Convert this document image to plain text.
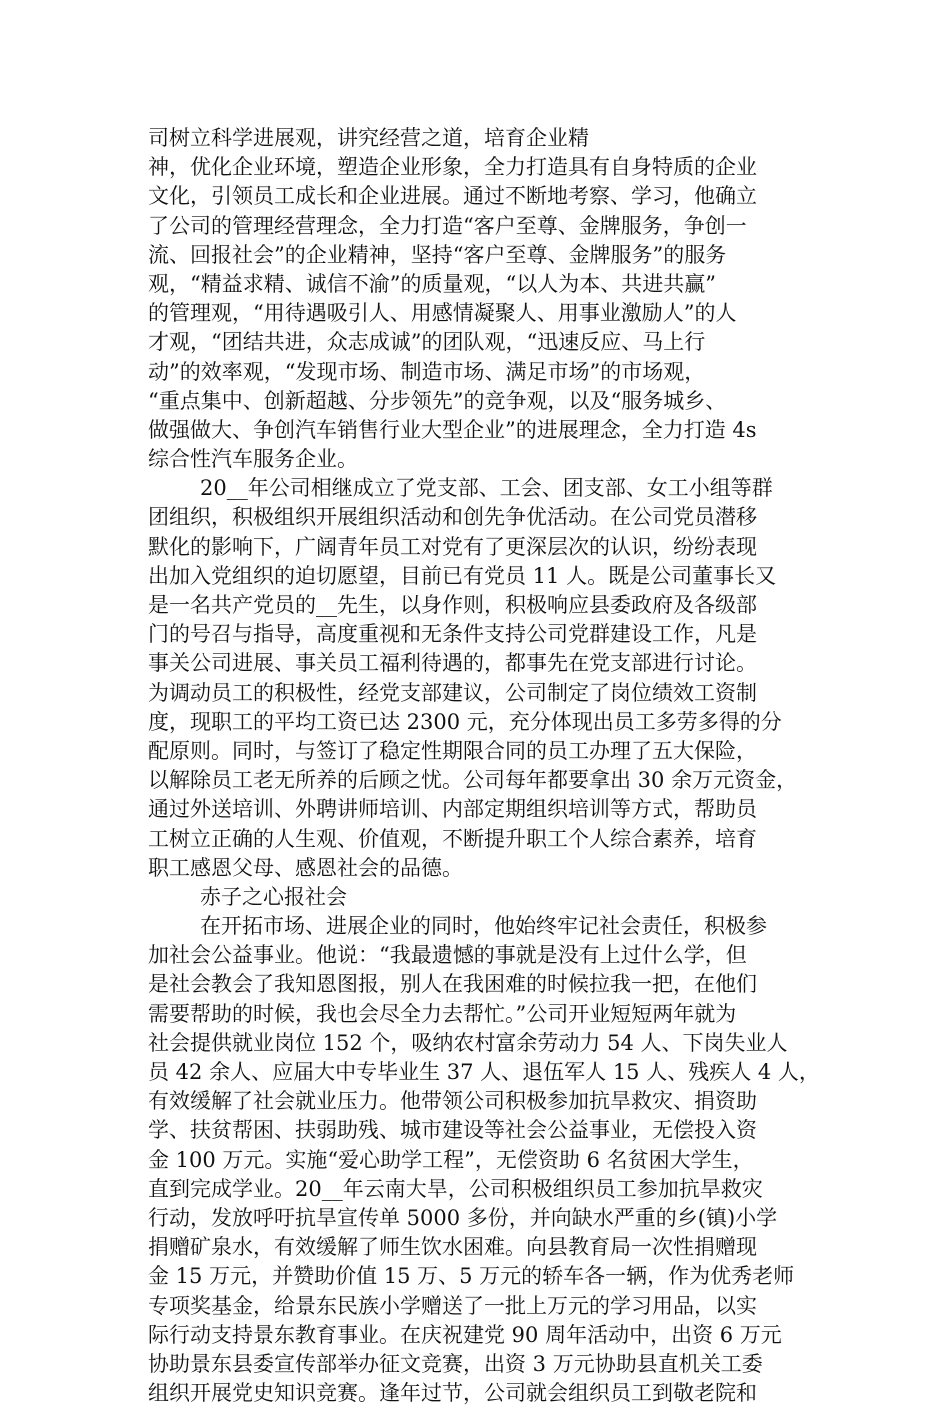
司树立科学进展观，讲究经营之道，培育企业精
神，优化企业环境，塑造企业形象，全力打造具有自身特质的企业
文化，引领员工成长和企业进展。通过不断地考察、学习，他确立
了公司的管理经营理念，全力打造“客户至尊、金牌服务，争创一
流、回报社会”的企业精神，坚持“客户至尊、金牌服务”的服务
观，“精益求精、诚信不渝”的质量观，“以人为本、共进共赢”
的管理观，“用待遇吸引人、用感情凝聚人、用事业激励人”的人
才观，“团结共进，众志成诚”的团队观，“迅速反应、马上行
动”的效率观，“发现市场、制造市场、满足市场”的市场观，
“重点集中、创新超越、分步领先”的竞争观，以及“服务城乡、
做强做大、争创汽车销售行业大型企业”的进展理念，全力打造 4s
综合性汽车服务企业。
20__年公司相继成立了党支部、工会、团支部、女工小组等群
团组织，积极组织开展组织活动和创先争优活动。在公司党员潜移
默化的影响下，广阔青年员工对党有了更深层次的认识，纷纷表现
出加入党组织的迫切愿望，目前已有党员 11 人。既是公司董事长又
是一名共产党员的__先生，以身作则，积极响应县委政府及各级部
门的号召与指导，高度重视和无条件支持公司党群建设工作，凡是
事关公司进展、事关员工福利待遇的，都事先在党支部进行讨论。
为调动员工的积极性，经党支部建议，公司制定了岗位绩效工资制
度，现职工的平均工资已达 2300 元，充分体现出员工多劳多得的分
配原则。同时，与签订了稳定性期限合同的员工办理了五大保险，
以解除员工老无所养的后顾之忧。公司每年都要拿出 30 余万元资金，
通过外送培训、外聘讲师培训、内部定期组织培训等方式，帮助员
工树立正确的人生观、价值观，不断提升职工个人综合素养，培育
职工感恩父母、感恩社会的品德。
赤子之心报社会
在开拓市场、进展企业的同时，他始终牢记社会责任，积极参
加社会公益事业。他说：“我最遗憾的事就是没有上过什么学，但
是社会教会了我知恩图报，别人在我困难的时候拉我一把，在他们
需要帮助的时候，我也会尽全力去帮忙。”公司开业短短两年就为
社会提供就业岗位 152 个，吸纳农村富余劳动力 54 人、下岗失业人
员 42 余人、应届大中专毕业生 37 人、退伍军人 15 人、残疾人 4 人，
有效缓解了社会就业压力。他带领公司积极参加抗旱救灾、捐资助
学、扶贫帮困、扶弱助残、城市建设等社会公益事业，无偿投入资
金 100 万元。实施“爱心助学工程”，无偿资助 6 名贫困大学生，
直到完成学业。20__年云南大旱，公司积极组织员工参加抗旱救灾
行动，发放呼吁抗旱宣传单 5000 多份，并向缺水严重的乡(镇)小学
捐赠矿泉水，有效缓解了师生饮水困难。向县教育局一次性捐赠现
金 15 万元，并赞助价值 15 万、5 万元的轿车各一辆，作为优秀老师
专项奖基金，给景东民族小学赠送了一批上万元的学习用品，以实
际行动支持景东教育事业。在庆祝建党 90 周年活动中，出资 6 万元
协助景东县委宣传部举办征文竞赛，出资 3 万元协助县直机关工委
组织开展党史知识竞赛。逢年过节，公司就会组织员工到敬老院和
